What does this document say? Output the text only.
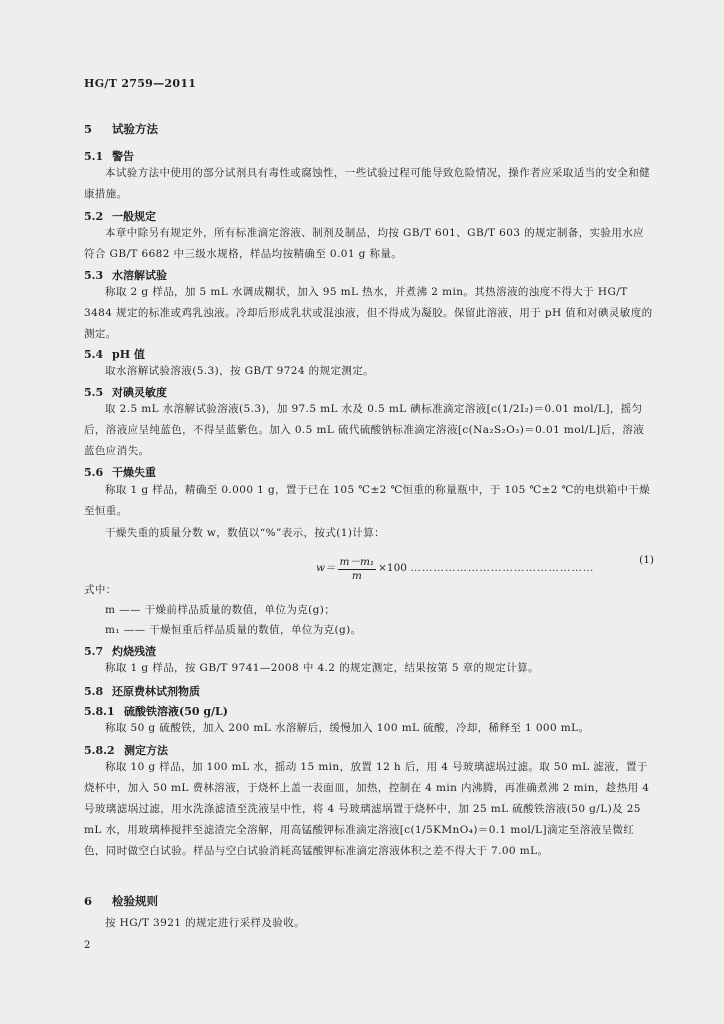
HG/T 2759—2011
5 试验方法
5.1 警告
本试验方法中使用的部分试剂具有毒性或腐蚀性，一些试验过程可能导致危险情况，操作者应采取适当的安全和健康措施。
5.2 一般规定
本章中除另有规定外，所有标准滴定溶液、制剂及制品，均按 GB/T 601、GB/T 603 的规定制备，实验用水应符合 GB/T 6682 中三级水规格，样品均按精确至 0.01 g 称量。
5.3 水溶解试验
称取 2 g 样品，加 5 mL 水调成糊状，加入 95 mL 热水，并煮沸 2 min。其热溶液的浊度不得大于 HG/T 3484 规定的标准或鸡乳浊液。冷却后形成乳状或混浊液，但不得成为凝胶。保留此溶液，用于 pH 值和对碘灵敏度的测定。
5.4 pH 值
取水溶解试验溶液(5.3)，按 GB/T 9724 的规定测定。
5.5 对碘灵敏度
取 2.5 mL 水溶解试验溶液(5.3)，加 97.5 mL 水及 0.5 mL 碘标准滴定溶液[c(1/2I₂)＝0.01 mol/L]，摇匀后，溶液应呈纯蓝色，不得呈蓝紫色。加入 0.5 mL 硫代硫酸钠标准滴定溶液[c(Na₂S₂O₃)＝0.01 mol/L]后，溶液蓝色应消失。
5.6 干燥失重
称取 1 g 样品，精确至 0.000 1 g，置于已在 105 ℃±2 ℃恒重的称量瓶中，于 105 ℃±2 ℃的电烘箱中干燥至恒重。
干燥失重的质量分数 w，数值以“%”表示，按式(1)计算：
$w= \frac{\text{m－m₁}}{m} \times 100$ …………………………………………
(1)
式中：
m —— 干燥前样品质量的数值，单位为克(g)；
m₁ —— 干燥恒重后样品质量的数值，单位为克(g)。
5.7 灼烧残渣
称取 1 g 样品，按 GB/T 9741—2008 中 4.2 的规定测定，结果按第 5 章的规定计算。
5.8 还原费林试剂物质
5.8.1 硫酸铁溶液(50 g/L)
称取 50 g 硫酸铁，加入 200 mL 水溶解后，缓慢加入 100 mL 硫酸，冷却，稀释至 1 000 mL。
5.8.2 测定方法
称取 10 g 样品，加 100 mL 水，摇动 15 min，放置 12 h 后，用 4 号玻璃滤埚过滤。取 50 mL 滤液，置于烧杯中，加入 50 mL 费林溶液，于烧杯上盖一表面皿，加热，控制在 4 min 内沸腾，再准确煮沸 2 min，趁热用 4 号玻璃滤埚过滤，用水洗涤滤渣至洗液呈中性，将 4 号玻璃滤埚置于烧杯中，加 25 mL 硫酸铁溶液(50 g/L)及 25 mL 水，用玻璃棒搅拌至滤渣完全溶解，用高锰酸钾标准滴定溶液[c(1/5KMnO₄)＝0.1 mol/L]滴定至溶液呈微红色，同时做空白试验。样品与空白试验消耗高锰酸钾标准滴定溶液体积之差不得大于 7.00 mL。
6 检验规则
按 HG/T 3921 的规定进行采样及验收。
2
